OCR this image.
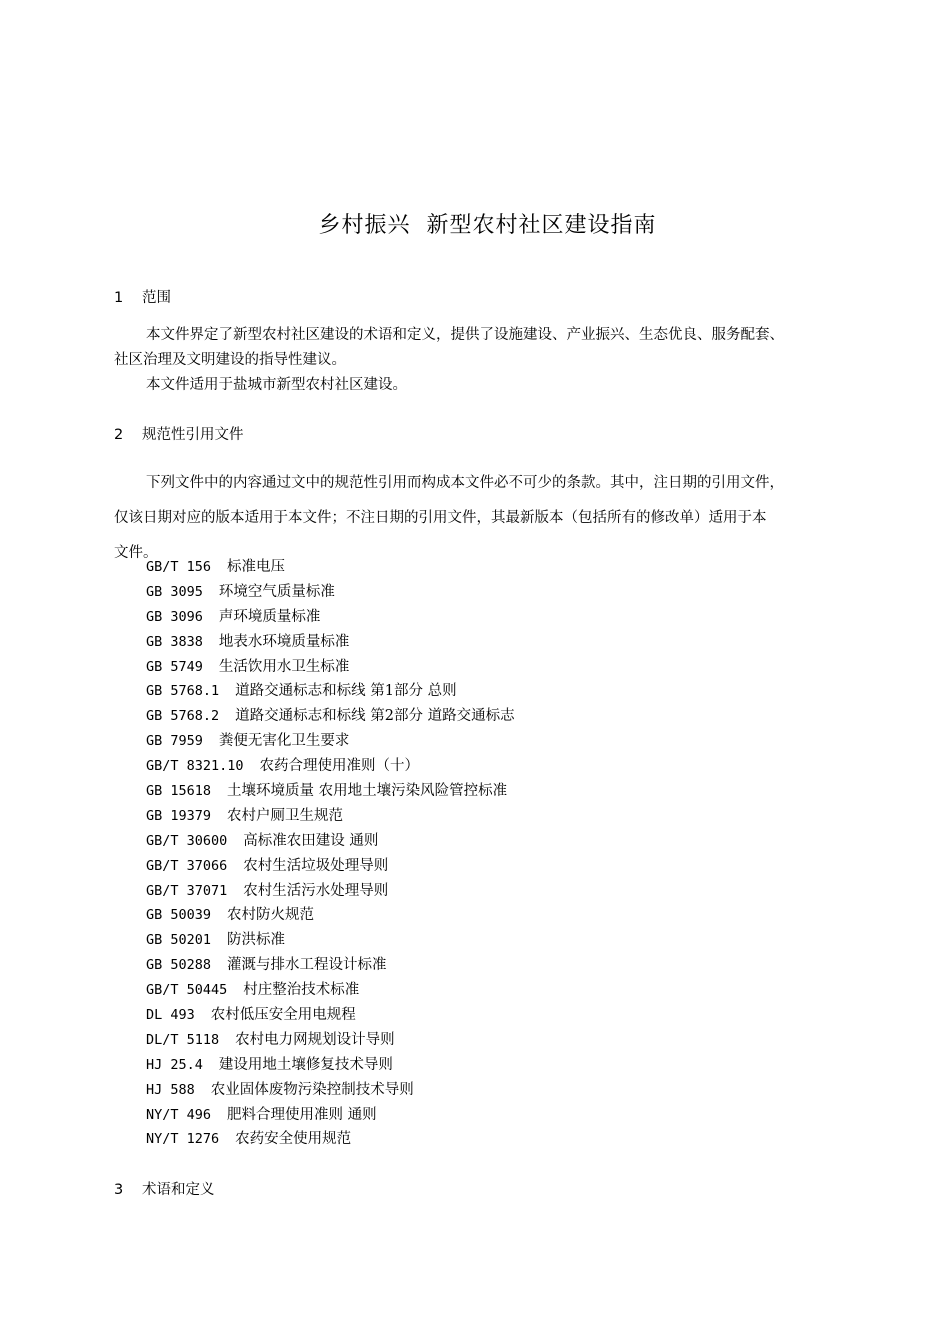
乡村振兴  新型农村社区建设指南
1 范围

本文件界定了新型农村社区建设的术语和定义，提供了设施建设、产业振兴、生态优良、服务配套、
社区治理及文明建设的指导性建议。

本文件适用于盐城市新型农村社区建设。

2 规范性引用文件

下列文件中的内容通过文中的规范性引用而构成本文件必不可少的条款。其中，注日期的引用文件，
仅该日期对应的版本适用于本文件；不注日期的引用文件，其最新版本（包括所有的修改单）适用于本
文件。

GB/T 156 标准电压
GB 3095 环境空气质量标准
GB 3096 声环境质量标准
GB 3838 地表水环境质量标准
GB 5749 生活饮用水卫生标准
GB 5768.1 道路交通标志和标线 第1部分 总则
GB 5768.2 道路交通标志和标线 第2部分 道路交通标志
GB 7959 粪便无害化卫生要求
GB/T 8321.10 农药合理使用准则（十）
GB 15618 土壤环境质量 农用地土壤污染风险管控标准
GB 19379 农村户厕卫生规范
GB/T 30600 高标准农田建设 通则
GB/T 37066 农村生活垃圾处理导则
GB/T 37071 农村生活污水处理导则
GB 50039 农村防火规范
GB 50201 防洪标准
GB 50288 灌溉与排水工程设计标准
GB/T 50445 村庄整治技术标准
DL 493 农村低压安全用电规程
DL/T 5118 农村电力网规划设计导则
HJ 25.4 建设用地土壤修复技术导则
HJ 588 农业固体废物污染控制技术导则
NY/T 496 肥料合理使用准则 通则
NY/T 1276 农药安全使用规范
3 术语和定义
